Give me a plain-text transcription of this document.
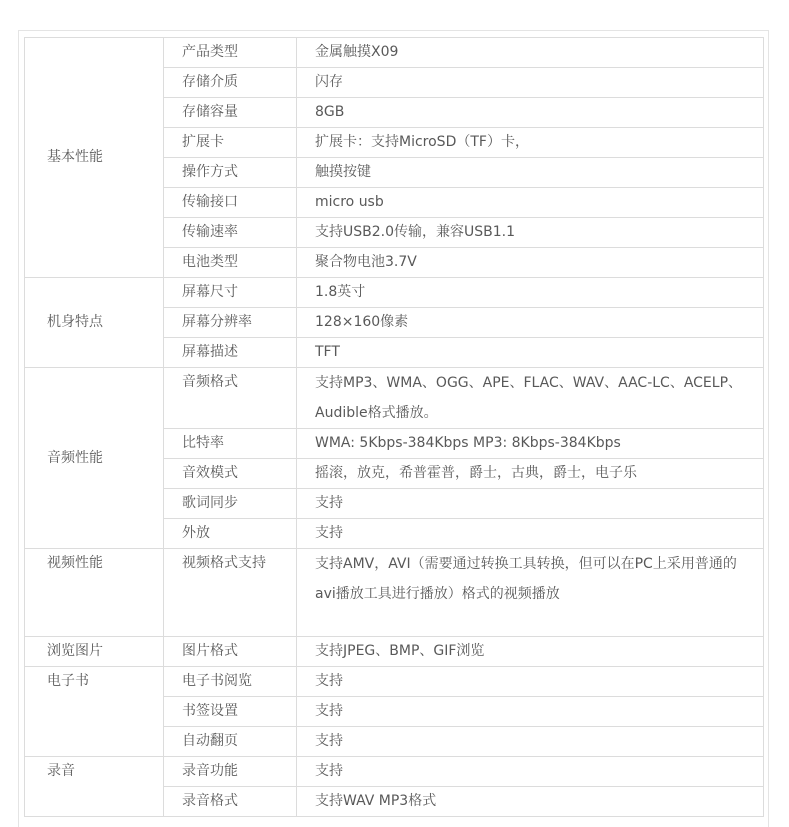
基本性能	产品类型	金属触摸X09
	存储介质	闪存
	存储容量	8GB
	扩展卡	扩展卡：支持MicroSD（TF）卡，
	操作方式	触摸按键
	传输接口	micro usb
	传输速率	支持USB2.0传输，兼容USB1.1
	电池类型	聚合物电池3.7V
机身特点	屏幕尺寸	1.8英寸
	屏幕分辨率	128×160像素
	屏幕描述	TFT
音频性能	音频格式	支持MP3、WMA、OGG、APE、FLAC、WAV、AAC-LC、ACELP、Audible格式播放。
	比特率	WMA: 5Kbps-384Kbps MP3: 8Kbps-384Kbps
	音效模式	摇滚，放克，希普霍普，爵士，古典，爵士，电子乐
	歌词同步	支持
	外放	支持
视频性能	视频格式支持	支持AMV，AVI（需要通过转换工具转换，但可以在PC上采用普通的avi播放工具进行播放）格式的视频播放
浏览图片	图片格式	支持JPEG、BMP、GIF浏览
电子书	电子书阅览	支持
	书签设置	支持
	自动翻页	支持
录音	录音功能	支持
	录音格式	支持WAV MP3格式
